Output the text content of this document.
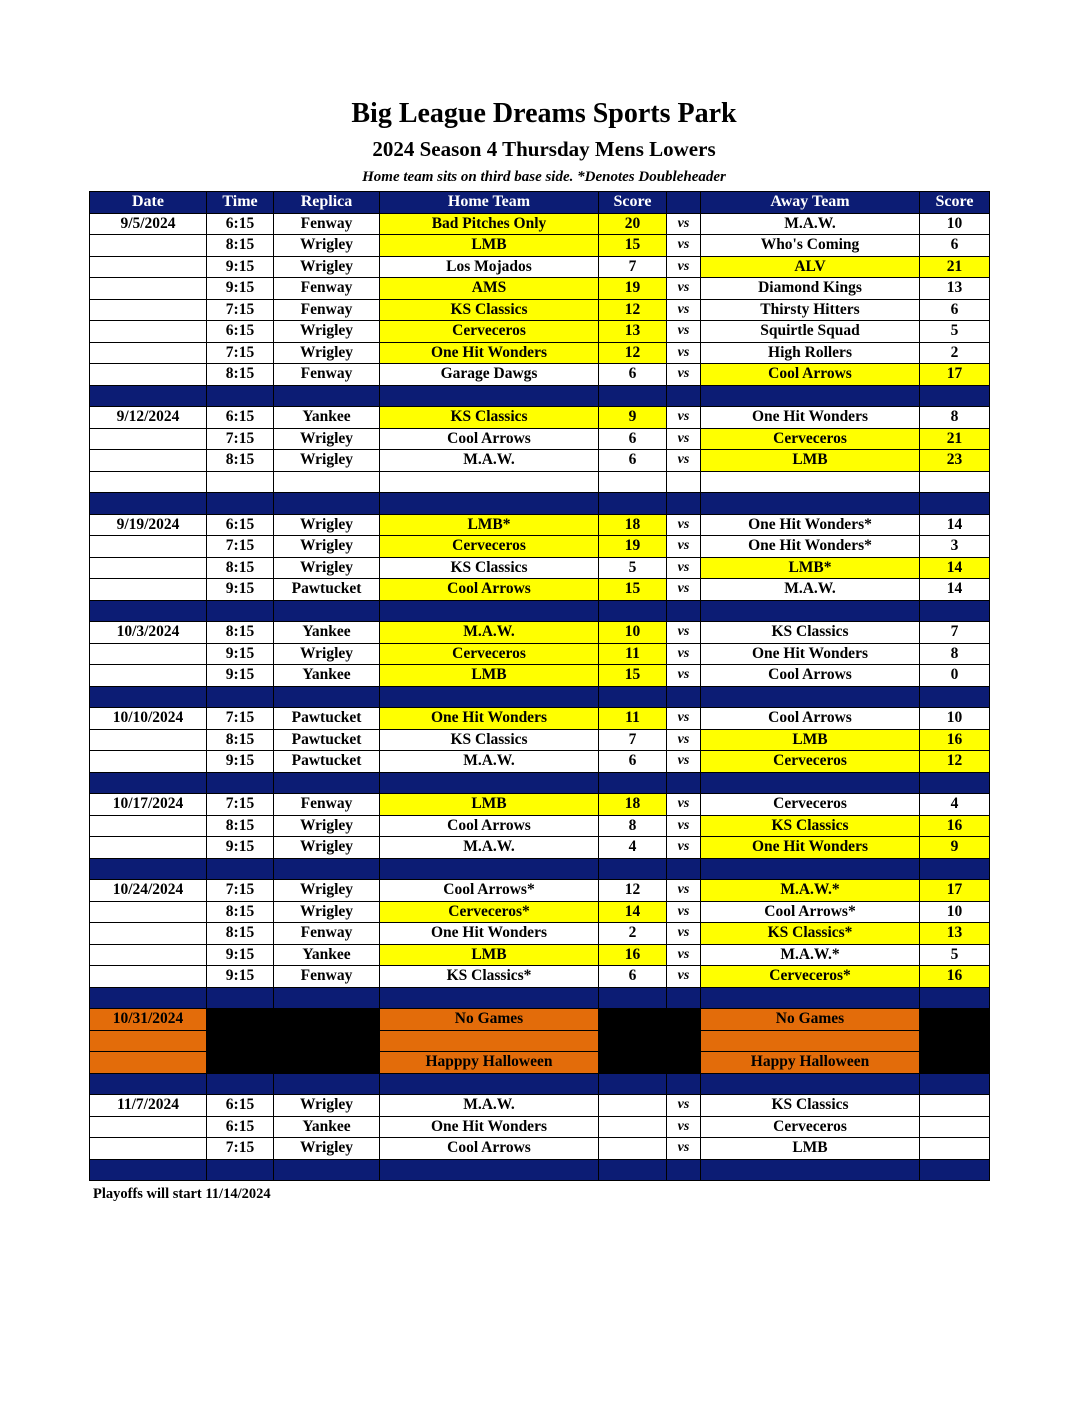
Big League Dreams Sports Park
2024 Season 4 Thursday Mens Lowers
Home team sits on third base side. *Denotes Doubleheader
Date	Time	Replica	Home Team	Score		Away Team	Score
9/5/2024	6:15	Fenway	Bad Pitches Only	20	vs	M.A.W.	10
	8:15	Wrigley	LMB	15	vs	Who's Coming	6
	9:15	Wrigley	Los Mojados	7	vs	ALV	21
	9:15	Fenway	AMS	19	vs	Diamond Kings	13
	7:15	Fenway	KS Classics	12	vs	Thirsty Hitters	6
	6:15	Wrigley	Cerveceros	13	vs	Squirtle Squad	5
	7:15	Wrigley	One Hit Wonders	12	vs	High Rollers	2
	8:15	Fenway	Garage Dawgs	6	vs	Cool Arrows	17

9/12/2024	6:15	Yankee	KS Classics	9	vs	One Hit Wonders	8
	7:15	Wrigley	Cool Arrows	6	vs	Cerveceros	21
	8:15	Wrigley	M.A.W.	6	vs	LMB	23

9/19/2024	6:15	Wrigley	LMB*	18	vs	One Hit Wonders*	14
	7:15	Wrigley	Cerveceros	19	vs	One Hit Wonders*	3
	8:15	Wrigley	KS Classics	5	vs	LMB*	14
	9:15	Pawtucket	Cool Arrows	15	vs	M.A.W.	14

10/3/2024	8:15	Yankee	M.A.W.	10	vs	KS Classics	7
	9:15	Wrigley	Cerveceros	11	vs	One Hit Wonders	8
	9:15	Yankee	LMB	15	vs	Cool Arrows	0

10/10/2024	7:15	Pawtucket	One Hit Wonders	11	vs	Cool Arrows	10
	8:15	Pawtucket	KS Classics	7	vs	LMB	16
	9:15	Pawtucket	M.A.W.	6	vs	Cerveceros	12

10/17/2024	7:15	Fenway	LMB	18	vs	Cerveceros	4
	8:15	Wrigley	Cool Arrows	8	vs	KS Classics	16
	9:15	Wrigley	M.A.W.	4	vs	One Hit Wonders	9

10/24/2024	7:15	Wrigley	Cool Arrows*	12	vs	M.A.W.*	17
	8:15	Wrigley	Cerveceros*	14	vs	Cool Arrows*	10
	8:15	Fenway	One Hit Wonders	2	vs	KS Classics*	13
	9:15	Yankee	LMB	16	vs	M.A.W.*	5
	9:15	Fenway	KS Classics*	6	vs	Cerveceros*	16

10/31/2024			No Games			No Games	

			Happpy Halloween			Happy Halloween	

11/7/2024	6:15	Wrigley	M.A.W.		vs	KS Classics	
	6:15	Yankee	One Hit Wonders		vs	Cerveceros	
	7:15	Wrigley	Cool Arrows		vs	LMB	

Playoffs will start 11/14/2024
